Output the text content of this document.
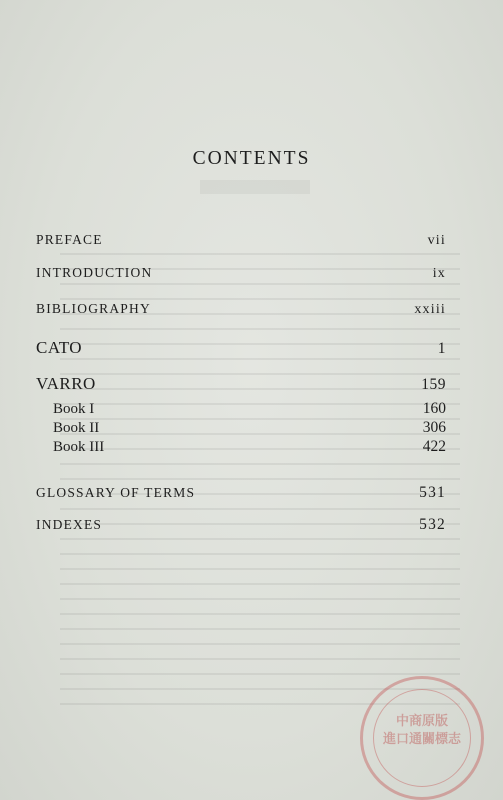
CONTENTS
PREFACE	vii
INTRODUCTION	ix
BIBLIOGRAPHY	xxiii
CATO	1
VARRO	159
Book I	160
Book II	306
Book III	422
GLOSSARY OF TERMS	531
INDEXES	532
中商原版
進口通關標志
